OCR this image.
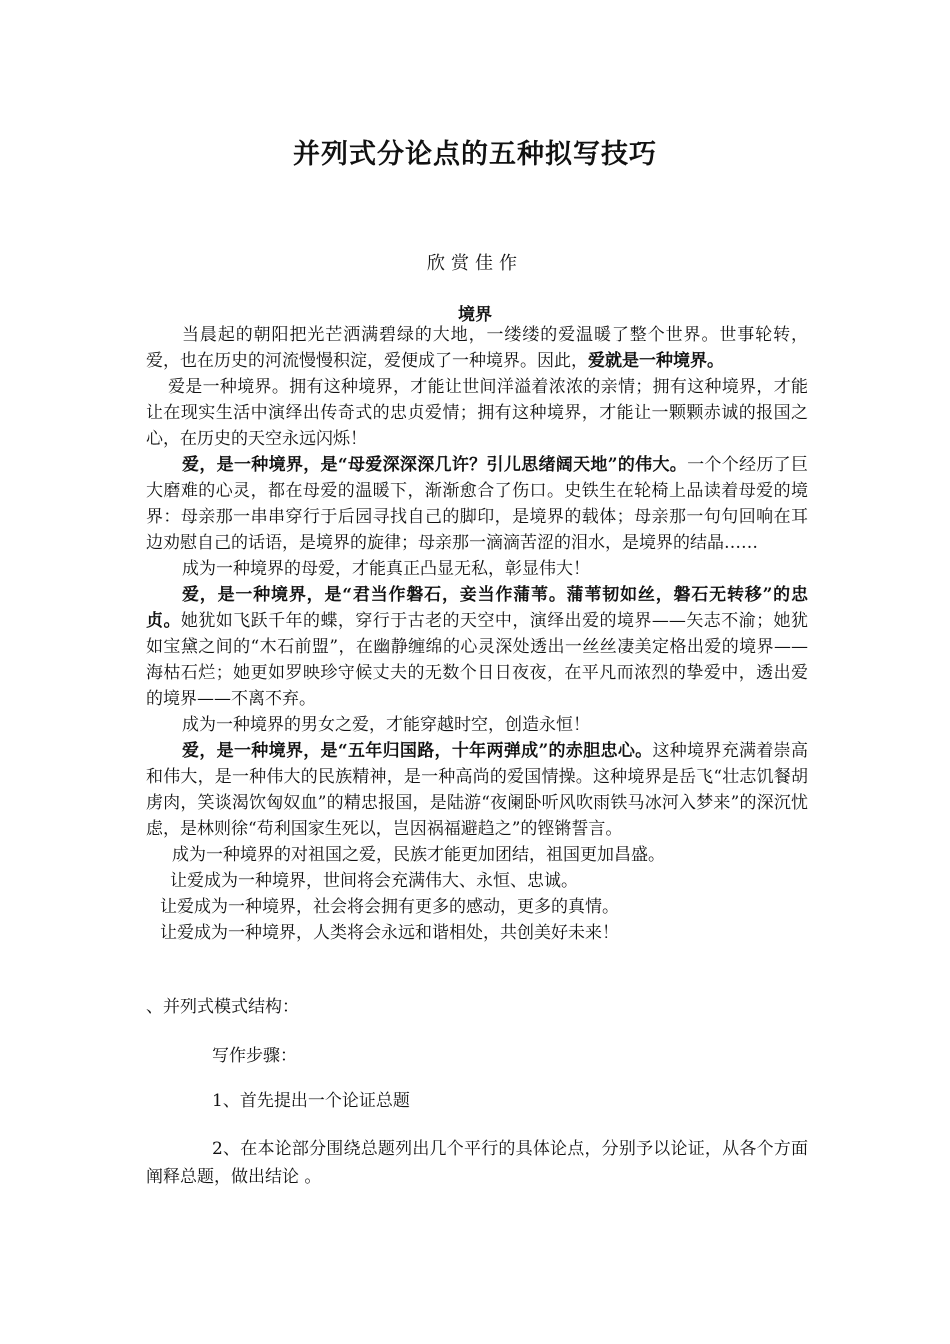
并列式分论点的五种拟写技巧
欣赏佳作
境界

当晨起的朝阳把光芒洒满碧绿的大地，一缕缕的爱温暖了整个世界。世事轮转，爱，也在历史的河流慢慢积淀，爱便成了一种境界。因此，爱就是一种境界。

爱是一种境界。拥有这种境界，才能让世间洋溢着浓浓的亲情；拥有这种境界，才能让在现实生活中演绎出传奇式的忠贞爱情；拥有这种境界，才能让一颗颗赤诚的报国之心，在历史的天空永远闪烁！

爱，是一种境界，是“母爱深深深几许？引儿思绪阔天地”的伟大。一个个经历了巨大磨难的心灵，都在母爱的温暖下，渐渐愈合了伤口。史铁生在轮椅上品读着母爱的境界：母亲那一串串穿行于后园寻找自己的脚印，是境界的载体；母亲那一句句回响在耳边劝慰自己的话语，是境界的旋律；母亲那一滴滴苦涩的泪水，是境界的结晶……

成为一种境界的母爱，才能真正凸显无私，彰显伟大！

爱，是一种境界，是“君当作磐石，妾当作蒲苇。蒲苇韧如丝，磐石无转移”的忠贞。她犹如飞跃千年的蝶，穿行于古老的天空中，演绎出爱的境界——矢志不渝；她犹如宝黛之间的“木石前盟”，在幽静缠绵的心灵深处透出一丝丝凄美定格出爱的境界——海枯石烂；她更如罗映珍守候丈夫的无数个日日夜夜，在平凡而浓烈的挚爱中，透出爱的境界——不离不弃。

成为一种境界的男女之爱，才能穿越时空，创造永恒！

爱，是一种境界，是“五年归国路，十年两弹成”的赤胆忠心。这种境界充满着崇高和伟大，是一种伟大的民族精神，是一种高尚的爱国情操。这种境界是岳飞“壮志饥餐胡虏肉，笑谈渴饮匈奴血”的精忠报国，是陆游“夜阑卧听风吹雨铁马冰河入梦来”的深沉忧虑，是林则徐“苟利国家生死以，岂因祸福避趋之”的铿锵誓言。

成为一种境界的对祖国之爱，民族才能更加团结，祖国更加昌盛。

让爱成为一种境界，世间将会充满伟大、永恒、忠诚。

让爱成为一种境界，社会将会拥有更多的感动，更多的真情。

让爱成为一种境界，人类将会永远和谐相处，共创美好未来！

、并列式模式结构：

写作步骤：

1、首先提出一个论证总题

2、在本论部分围绕总题列出几个平行的具体论点，分别予以论证，从各个方面阐释总题，做出结论 。
